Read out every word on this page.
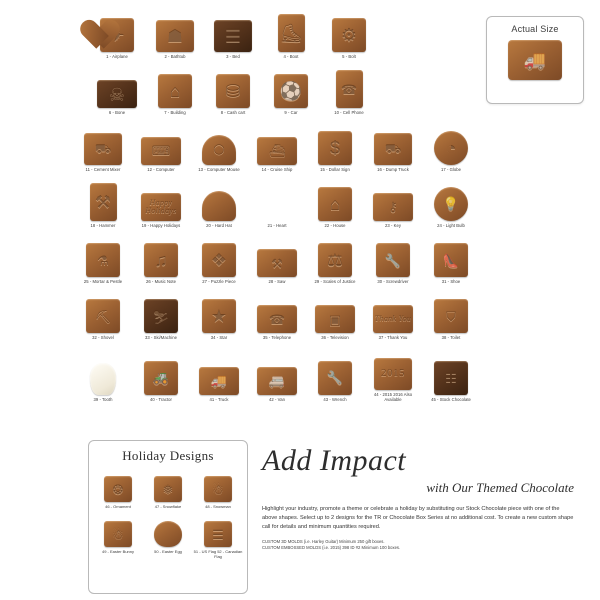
✈
1 - Airplane
☗
2 - Bathtub
☰
3 - Bed
⛸
4 - Boot
⚙
5 - Bolt
☠
6 - Bone
⌂
7 - Building
⛁
8 - Cash cart
⚽
9 - Car
☎
10 - Cell Phone
⛟
11 - Cement Mixer
⌨
12 - Computer
◯
13 - Computer Mouse
⛴
14 - Cruise Ship
$
15 - Dollar Sign
⛟
16 - Dump Truck
◔
17 - Globe
⚒
18 - Hammer
Happy Holidays
19 - Happy Holidays	20 - Hard Hat	21 - Heart
⌂
22 - House
⚷
23 - Key
💡
24 - Light Bulb
⚗
25 - Mortar & Pestle
♫
26 - Music Note
❖
27 - Puzzle Piece
⚒
28 - Saw
⚖
29 - Scales of Justice
🔧
30 - Screwdriver
👠
31 - Shoe
⛏
32 - Shovel
⛷
33 - Ski/Machine
★
34 - Star
☎
35 - Telephone
▣
36 - Television
Thank You
37 - Thank You
⛉
38 - Toilet
39 - Tooth
🚜
40 - Tractor
🚚
41 - Truck
🚐
42 - Van
🔧
43 - Wrench
2015
44 - 2015 2016 Also Available
☷
45 - Stock Chocolate
Actual Size
🚚
Holiday Designs
❂
46 - Ornament
❅
47 - Snowflake
☃
48 - Snowman
☃
49 - Easter Bunny	50 - Easter Egg
☰
51 - US Flag 52 - Canadian Flag
Add Impact
with Our Themed Chocolate
Highlight your industry, promote a theme or celebrate a holiday by substituting our Stock Chocolate piece with one of the above shapes. Select up to 2 designs for the TR or Chocolate Box Series at no additional cost. To create a new custom shape call for details and minimum quantities required.
CUSTOM 3D MOLDS (i.e. Harley Guitar) Minimum 250 gift boxes.
CUSTOM EMBOSSED MOLDS (i.e. 2015) 398 ID #2 Minimum 100 boxes.
